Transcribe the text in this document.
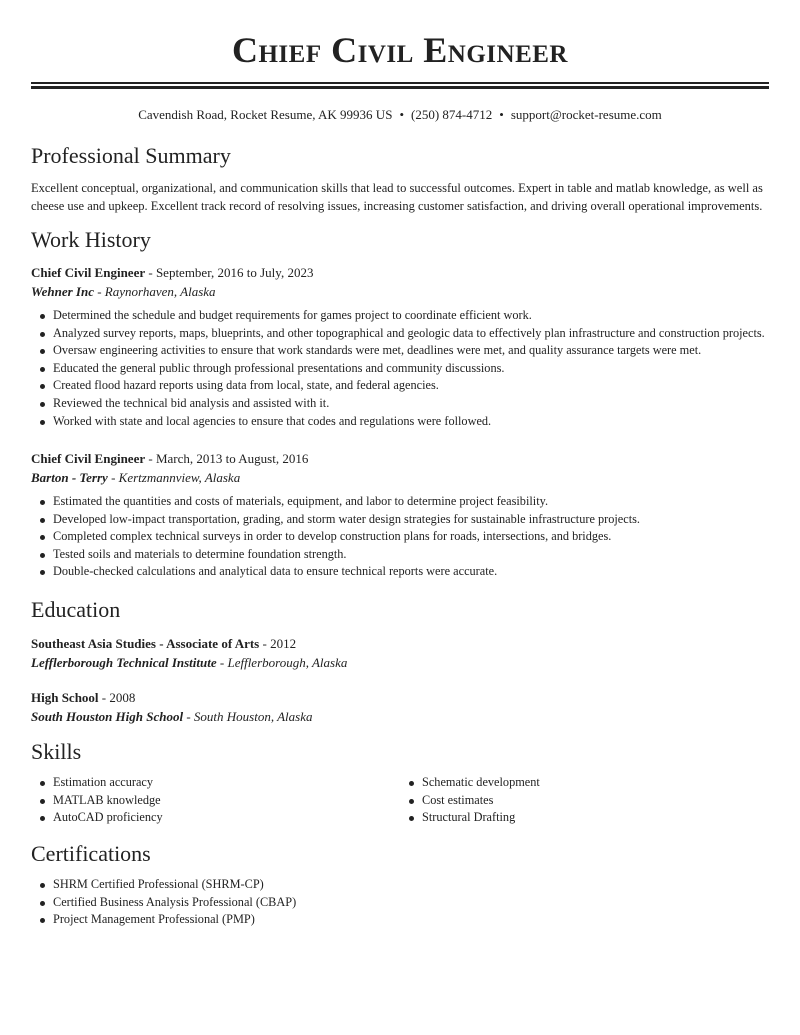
Chief Civil Engineer
Cavendish Road, Rocket Resume, AK 99936 US • (250) 874-4712 • support@rocket-resume.com
Professional Summary

Excellent conceptual, organizational, and communication skills that lead to successful outcomes. Expert in table and matlab knowledge, as well as cheese use and upkeep. Excellent track record of resolving issues, increasing customer satisfaction, and driving overall operational improvements.

Work History
Chief Civil Engineer - September, 2016 to July, 2023
Wehner Inc - Raynorhaven, Alaska
Determined the schedule and budget requirements for games project to coordinate efficient work.
Analyzed survey reports, maps, blueprints, and other topographical and geologic data to effectively plan infrastructure and construction projects.
Oversaw engineering activities to ensure that work standards were met, deadlines were met, and quality assurance targets were met.
Educated the general public through professional presentations and community discussions.
Created flood hazard reports using data from local, state, and federal agencies.
Reviewed the technical bid analysis and assisted with it.
Worked with state and local agencies to ensure that codes and regulations were followed.
Chief Civil Engineer - March, 2013 to August, 2016
Barton - Terry - Kertzmannview, Alaska
Estimated the quantities and costs of materials, equipment, and labor to determine project feasibility.
Developed low-impact transportation, grading, and storm water design strategies for sustainable infrastructure projects.
Completed complex technical surveys in order to develop construction plans for roads, intersections, and bridges.
Tested soils and materials to determine foundation strength.
Double-checked calculations and analytical data to ensure technical reports were accurate.
Education
Southeast Asia Studies - Associate of Arts - 2012
Lefflerborough Technical Institute - Lefflerborough, Alaska
High School - 2008
South Houston High School - South Houston, Alaska
Skills
Estimation accuracy
MATLAB knowledge
AutoCAD proficiency
Schematic development
Cost estimates
Structural Drafting
Certifications
SHRM Certified Professional (SHRM-CP)
Certified Business Analysis Professional (CBAP)
Project Management Professional (PMP)
